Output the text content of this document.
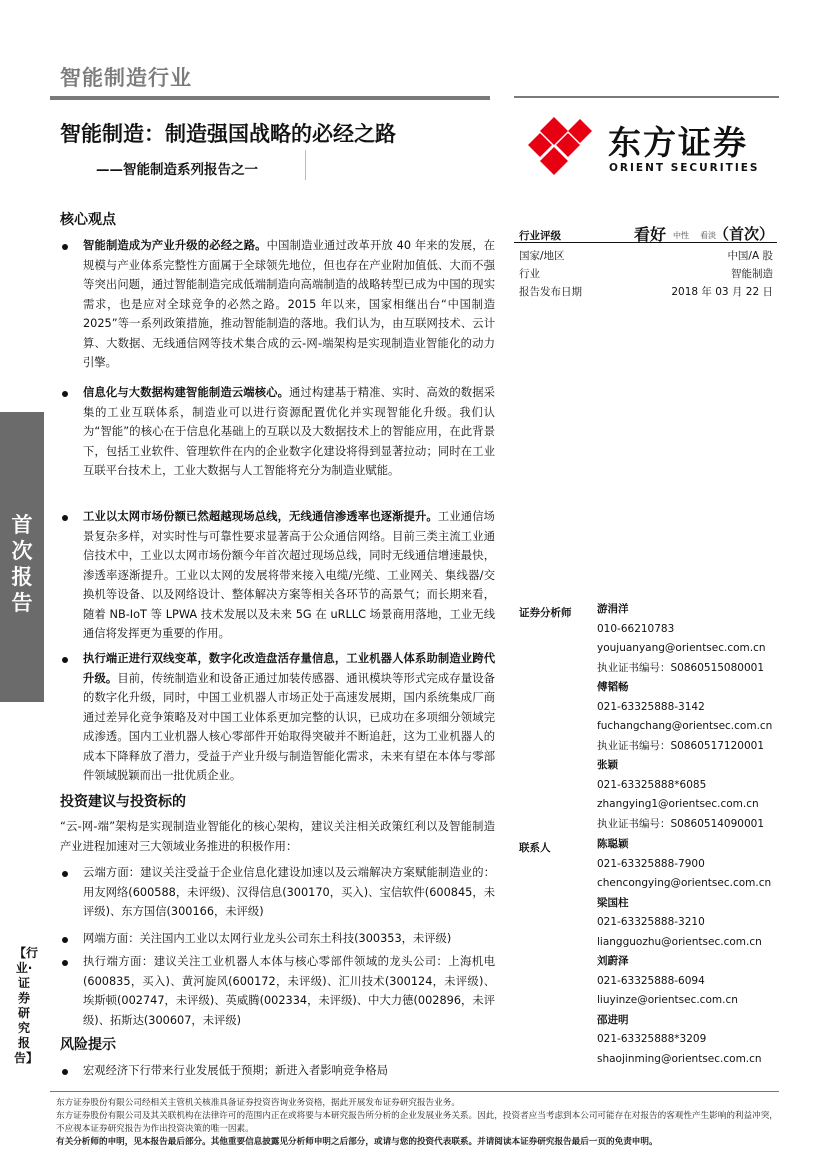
智能制造行业
智能制造：制造强国战略的必经之路
——智能制造系列报告之一
东方证券
ORIENT SECURITIES
首次报告
【行业·证券研究报告】
核心观点
智能制造成为产业升级的必经之路。中国制造业通过改革开放 40 年来的发展，在规模与产业体系完整性方面属于全球领先地位，但也存在产业附加值低、大而不强等突出问题，通过智能制造完成低端制造向高端制造的战略转型已成为中国的现实需求，也是应对全球竞争的必然之路。2015 年以来，国家相继出台“中国制造 2025”等一系列政策措施，推动智能制造的落地。我们认为，由互联网技术、云计算、大数据、无线通信网等技术集合成的云-网-端架构是实现制造业智能化的动力引擎。
信息化与大数据构建智能制造云端核心。通过构建基于精准、实时、高效的数据采集的工业互联体系，制造业可以进行资源配置优化并实现智能化升级。我们认为“智能”的核心在于信息化基础上的互联以及大数据技术上的智能应用，在此背景下，包括工业软件、管理软件在内的企业数字化建设将得到显著拉动；同时在工业互联平台技术上，工业大数据与人工智能将充分为制造业赋能。
工业以太网市场份额已然超越现场总线，无线通信渗透率也逐渐提升。工业通信场景复杂多样，对实时性与可靠性要求显著高于公众通信网络。目前三类主流工业通信技术中，工业以太网市场份额今年首次超过现场总线，同时无线通信增速最快，渗透率逐渐提升。工业以太网的发展将带来接入电缆/光缆、工业网关、集线器/交换机等设备、以及网络设计、整体解决方案等相关各环节的高景气；而长期来看，随着 NB-IoT 等 LPWA 技术发展以及未来 5G 在 uRLLC 场景商用落地，工业无线通信将发挥更为重要的作用。
执行端正进行双线变革，数字化改造盘活存量信息，工业机器人体系助制造业跨代升级。目前，传统制造业和设备正通过加装传感器、通讯模块等形式完成存量设备的数字化升级，同时，中国工业机器人市场正处于高速发展期，国内系统集成厂商通过差异化竞争策略及对中国工业体系更加完整的认识，已成功在多项细分领域完成渗透。国内工业机器人核心零部件开始取得突破并不断追赶，这为工业机器人的成本下降释放了潜力，受益于产业升级与制造智能化需求，未来有望在本体与零部件领域脱颖而出一批优质企业。
投资建议与投资标的
“云-网-端”架构是实现制造业智能化的核心架构，建议关注相关政策红利以及智能制造产业进程加速对三大领域业务推进的积极作用：
云端方面：建议关注受益于企业信息化建设加速以及云端解决方案赋能制造业的：用友网络(600588，未评级)、汉得信息(300170，买入)、宝信软件(600845，未评级)、东方国信(300166，未评级)
网端方面：关注国内工业以太网行业龙头公司东土科技(300353，未评级)
执行端方面：建议关注工业机器人本体与核心零部件领域的龙头公司：上海机电(600835，买入)、黄河旋风(600172，未评级)、汇川技术(300124，未评级)、埃斯顿(002747，未评级)、英威腾(002334，未评级)、中大力德(002896，未评级)、拓斯达(300607，未评级)
风险提示
宏观经济下行带来行业发展低于预期；新进入者影响竞争格局
行业评级	看好 中性 看淡
（首次）
国家/地区	中国/A 股
行业	智能制造
报告发布日期	2018 年 03 月 22 日
证券分析师 游涓洋
010-66210783
youjuanyang@orientsec.com.cn
执业证书编号：S0860515080001
傅韬畅
021-63325888-3142
fuchangchang@orientsec.com.cn
执业证书编号：S0860517120001
张颖
021-63325888*6085
zhangying1@orientsec.com.cn
执业证书编号：S0860514090001
联系人	陈聪颖
021-63325888-7900
chencongying@orientsec.com.cn
梁国柱
021-63325888-3210
liangguozhu@orientsec.com.cn
刘蔚泽
021-63325888-6094
liuyinze@orientsec.com.cn
邵进明
021-63325888*3209
shaojinming@orientsec.com.cn
东方证券股份有限公司经相关主管机关核准具备证券投资咨询业务资格，据此开展发布证券研究报告业务。
东方证券股份有限公司及其关联机构在法律许可的范围内正在或将要与本研究报告所分析的企业发展业务关系。因此，投资者应当考虑到本公司可能存在对报告的客观性产生影响的利益冲突，不应视本证券研究报告为作出投资决策的唯一因素。
有关分析师的申明，见本报告最后部分。其他重要信息披露见分析师申明之后部分，或请与您的投资代表联系。并请阅读本证券研究报告最后一页的免责申明。
